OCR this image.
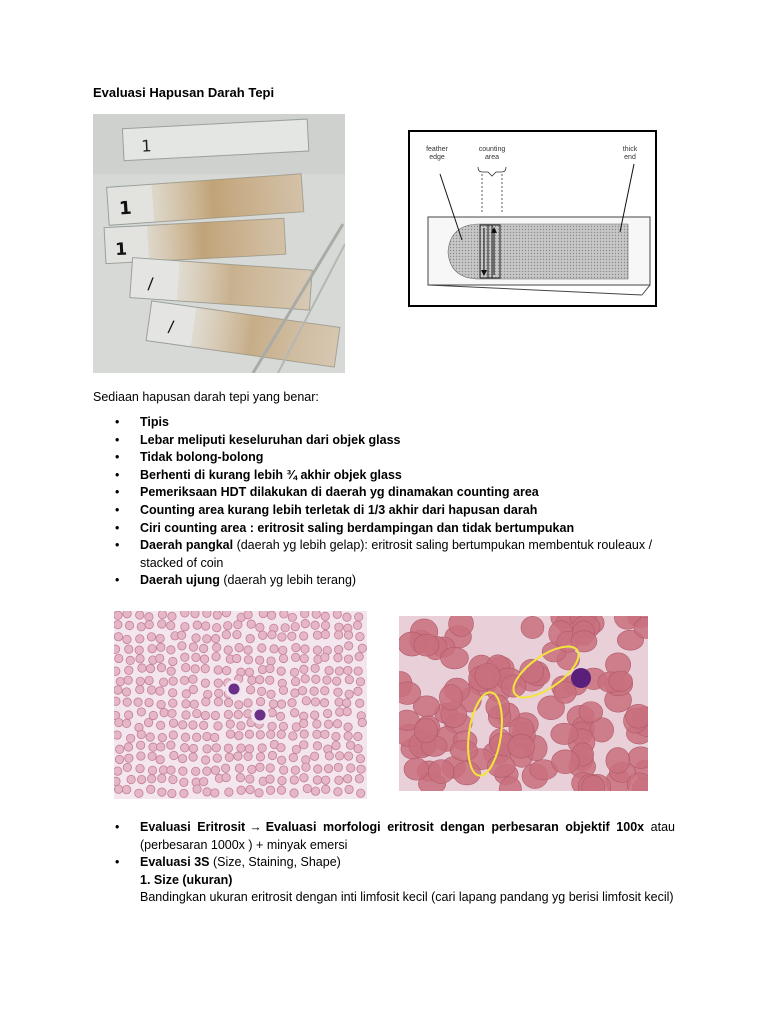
Evaluasi Hapusan Darah Tepi
1
1
1
/
/
feather edge
counting area
thick end
Sediaan hapusan darah tepi yang benar:
• Tipis
• Lebar meliputi keseluruhan dari objek glass
• Tidak bolong-bolong
• Berhenti di kurang lebih ¾ akhir objek glass
• Pemeriksaan HDT dilakukan di daerah yg dinamakan counting area
• Counting area kurang lebih terletak di 1/3 akhir dari hapusan darah
• Ciri counting area : eritrosit saling berdampingan dan tidak bertumpukan
• Daerah pangkal (daerah yg lebih gelap): eritrosit saling bertumpukan membentuk rouleaux / stacked of coin
• Daerah ujung (daerah yg lebih terang)
• Evaluasi Eritrosit → Evaluasi morfologi eritrosit dengan perbesaran objektif 100x atau (perbesaran 1000x ) + minyak emersi
• Evaluasi 3S (Size, Staining, Shape)
1. Size (ukuran)
Bandingkan ukuran eritrosit dengan inti limfosit kecil (cari lapang pandang yg berisi limfosit kecil)
